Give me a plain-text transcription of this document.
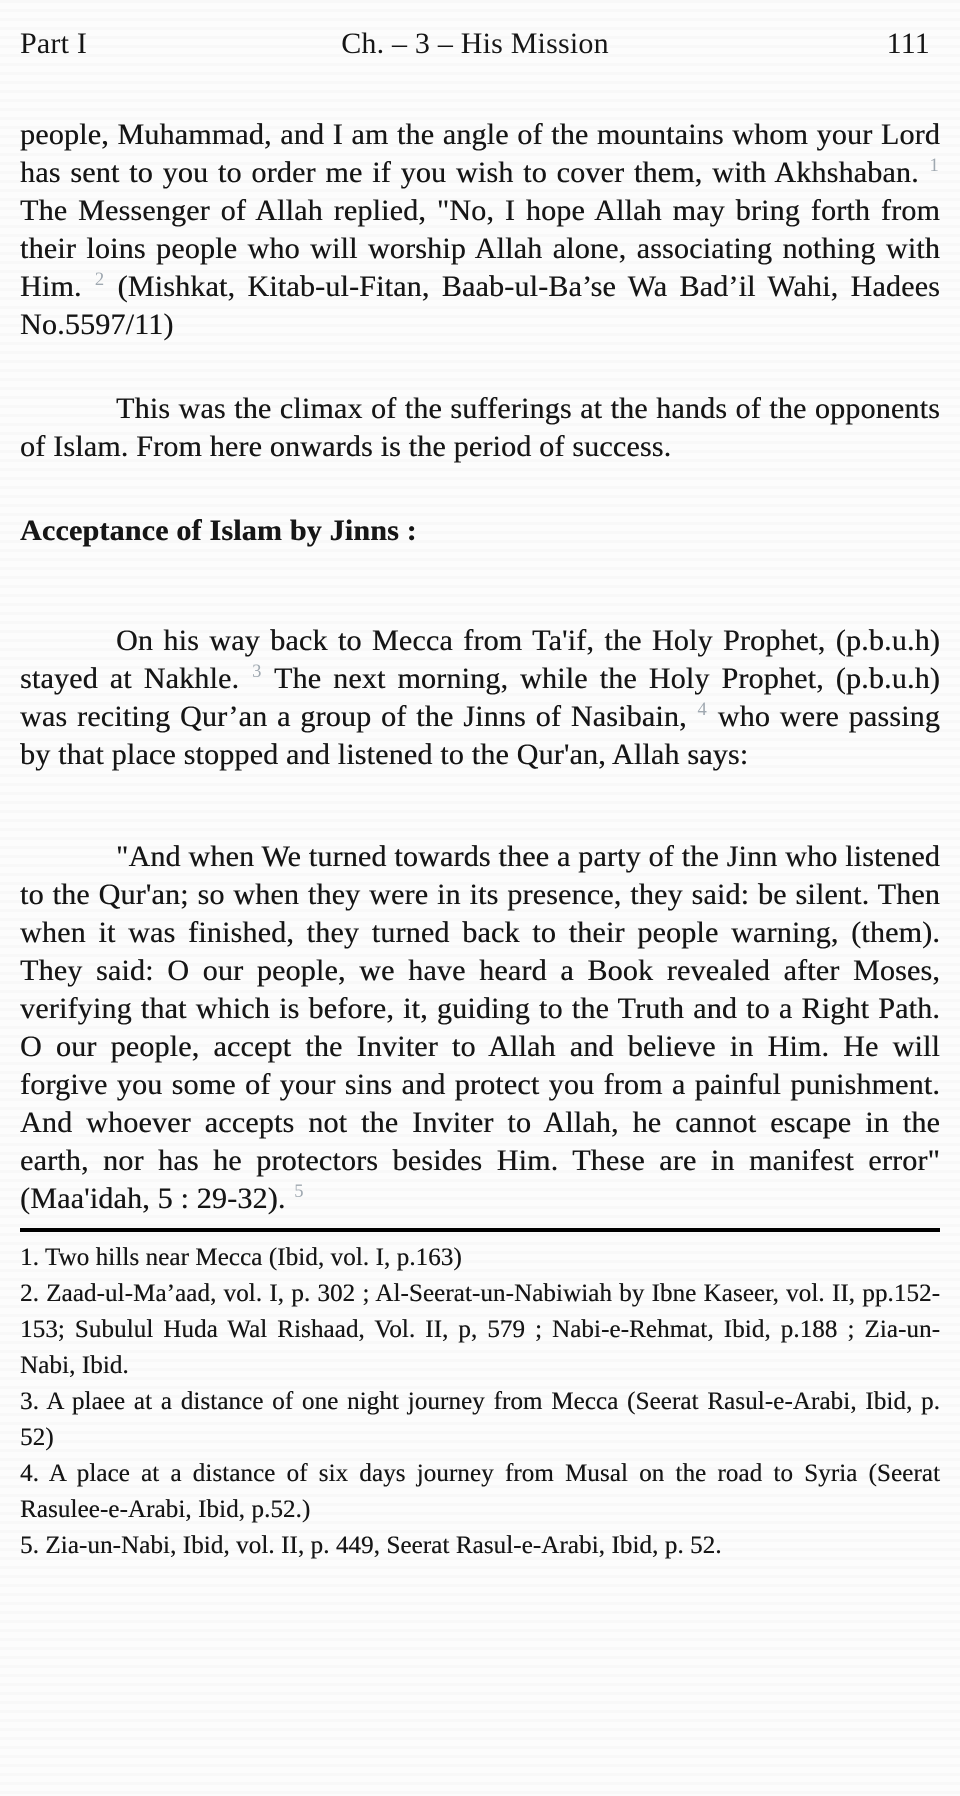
Part I	Ch. – 3 – His Mission	111

people, Muhammad, and I am the angle of the mountains whom your Lord has sent to you to order me if you wish to cover them, with Akhshaban. $^1$ The Messenger of Allah replied, "No, I hope Allah may bring forth from their loins people who will worship Allah alone, associating nothing with Him. $^2$ (Mishkat, Kitab-ul-Fitan, Baab-ul-Ba’se Wa Bad’il Wahi, Hadees No.5597/11)

This was the climax of the sufferings at the hands of the opponents of Islam. From here onwards is the period of success.

Acceptance of Islam by Jinns :

On his way back to Mecca from Ta'if, the Holy Prophet, (p.b.u.h) stayed at Nakhle. $^3$ The next morning, while the Holy Prophet, (p.b.u.h) was reciting Qur’an a group of the Jinns of Nasibain, $^4$ who were passing by that place stopped and listened to the Qur'an, Allah says:

"And when We turned towards thee a party of the Jinn who listened to the Qur'an; so when they were in its presence, they said: be silent. Then when it was finished, they turned back to their people warning, (them). They said: O our people, we have heard a Book revealed after Moses, verifying that which is before, it, guiding to the Truth and to a Right Path. O our people, accept the Inviter to Allah and believe in Him. He will forgive you some of your sins and protect you from a painful punishment. And whoever accepts not the Inviter to Allah, he cannot escape in the earth, nor has he protectors besides Him. These are in manifest error" (Maa'idah, 5 : 29-32). $^5$

1. Two hills near Mecca (Ibid, vol. I, p.163)

2. Zaad-ul-Ma’aad, vol. I, p. 302 ; Al-Seerat-un-Nabiwiah by Ibne Kaseer, vol. II, pp.152-153; Subulul Huda Wal Rishaad, Vol. II, p, 579 ; Nabi-e-Rehmat, Ibid, p.188 ; Zia-un-Nabi, Ibid.

3. A plaee at a distance of one night journey from Mecca (Seerat Rasul-e-Arabi, Ibid, p. 52)

4. A place at a distance of six days journey from Musal on the road to Syria (Seerat Rasulee-e-Arabi, Ibid, p.52.)

5. Zia-un-Nabi, Ibid, vol. II, p. 449, Seerat Rasul-e-Arabi, Ibid, p. 52.
